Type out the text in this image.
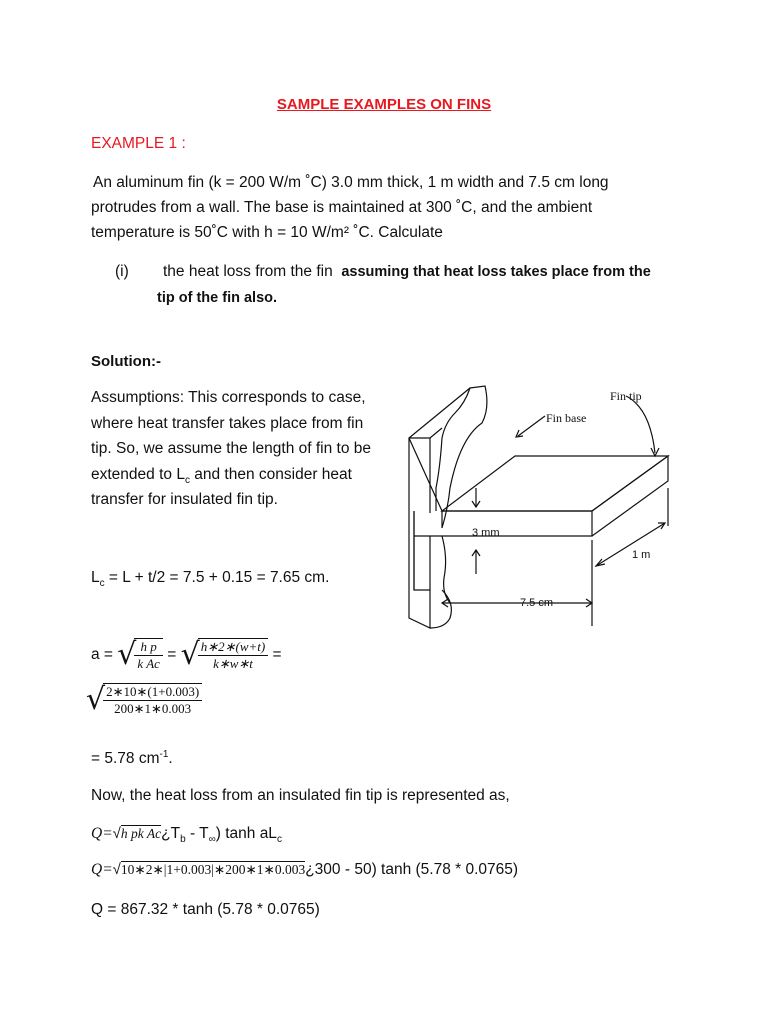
SAMPLE EXAMPLES ON FINS
EXAMPLE 1 :
An aluminum fin (k = 200 W/m ˚C) 3.0 mm thick, 1 m width and 7.5 cm long
protrudes from a wall. The base is maintained at 300 ˚C, and the ambient
temperature is 50˚C with h = 10 W/m² ˚C. Calculate
(i) the heat loss from the fin assuming that heat loss takes place from the
tip of the fin also.
Solution:-
Assumptions: This corresponds to case,
where heat transfer takes place from fin
tip. So, we assume the length of fin to be
extended to $L_c$ and then consider heat
transfer for insulated fin tip.
Fin tip
Fin base
3 mm
1 m
7.5 cm
$L_c = L + t/2 = 7.5 + 0.15 = 7.65$ cm.
a = √
$\frac{\text{h p}}{\text{k Ac}}$ = √
$\frac{h∗2∗(w+t)}{k∗w∗t}$ =
√
$\frac{2∗10∗(1+0.003)}{200∗1∗0.003}$
= 5.78 $cm^{-1}$.
Now, the heat loss from an insulated fin tip is represented as,
Q=√h pk $Ac¿T_b - T_\infty$) $\tanh aL_c$
Q=√10∗2∗|1+0.003|∗200∗1∗0.003¿300 - 50) tanh (5.78 * 0.0765)
Q = 867.32 * tanh (5.78 * 0.0765)
